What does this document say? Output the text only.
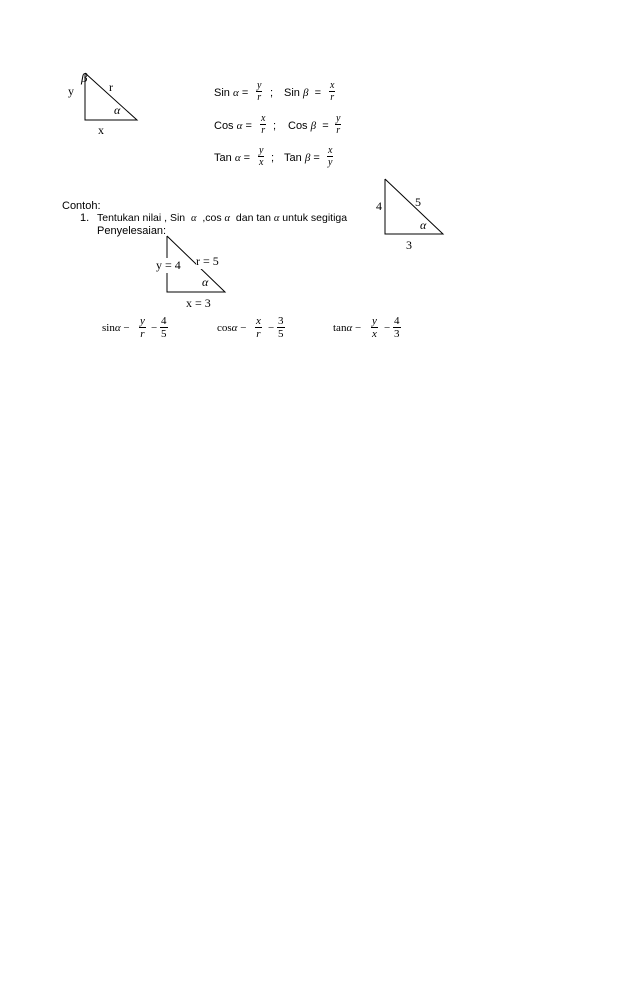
y	r
x
β
α
Sin α =
y
r ; Sin β =
x
r
Cos α =
x
r ; Cos β =
y
r
Tan α =
y
x ; Tan β =
x
y
Contoh:
1. Tentukan nilai , Sin α ,cos α dan tan α untuk segitiga
Penyelesaian:
4	5
3
α
y = 4 r = 5
x = 3
α
sinα −
y
r −
4
5	cosα −
x
r −
3
5	tanα −
y
x −
4
3
